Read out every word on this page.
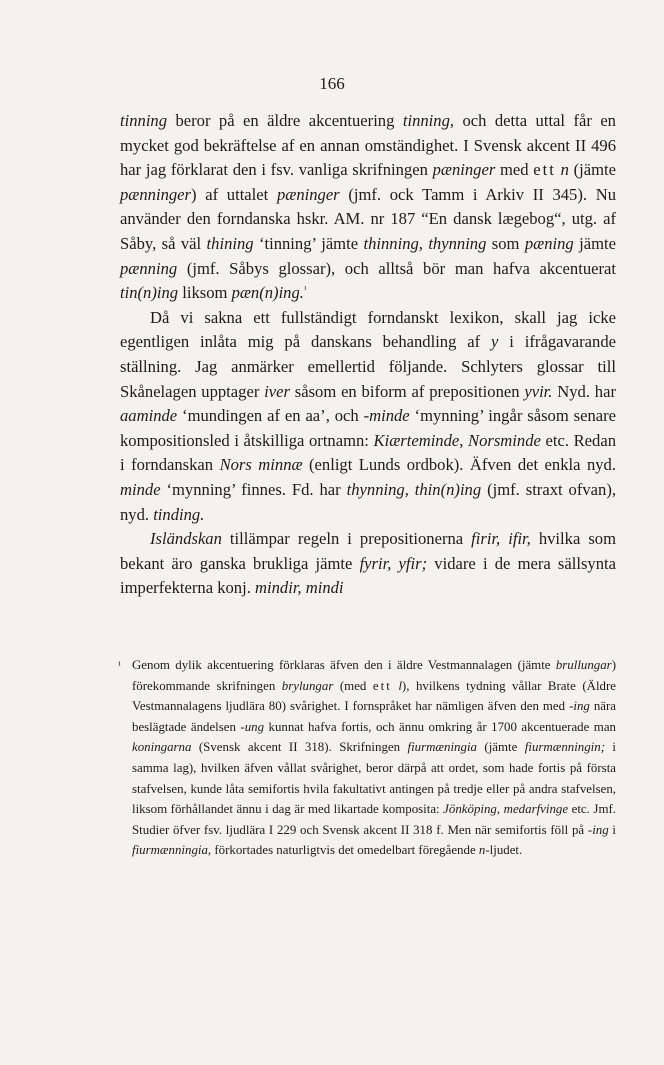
166

tinning beror på en äldre akcentuering tinning, och detta uttal får en mycket god bekräftelse af en annan omständighet. I Svensk akcent II 496 har jag förklarat den i fsv. vanliga skrifningen pæninger med ett n (jämte pænninger) af uttalet pæninger (jmf. ock Tamm i Arkiv II 345). Nu använder den forndanska hskr. AM. nr 187 “En dansk lægebog“, utg. af Såby, så väl thining ‘tinning’ jämte thinning, thynning som pæning jämte pænning (jmf. Såbys glossar), och alltså bör man hafva akcentuerat tin(n)ing liksom pæn(n)ing.$^{^1}$

Då vi sakna ett fullständigt forndanskt lexikon, skall jag icke egentligen inlåta mig på danskans behandling af y i ifrågavarande ställning. Jag anmärker emellertid följande. Schlyters glossar till Skånelagen upptager iver såsom en biform af prepositionen yvir. Nyd. har aaminde ‘mundingen af en aa’, och -minde ‘mynning’ ingår såsom senare kompositionsled i åtskilliga ortnamn: Kiærteminde, Norsminde etc. Redan i forndanskan Nors minnæ (enligt Lunds ordbok). Äfven det enkla nyd. minde ‘mynning’ finnes. Fd. har thynning, thin(n)ing (jmf. straxt ofvan), nyd. tinding.

Isländskan tillämpar regeln i prepositionerna firir, ifir, hvilka som bekant äro ganska brukliga jämte fyrir, yfir; vidare i de mera sällsynta imperfekterna konj. mindir, mindi

¹ Genom dylik akcentuering förklaras äfven den i äldre Vestmannalagen (jämte brullungar) förekommande skrifningen brylungar (med ett l), hvilkens tydning vållar Brate (Äldre Vestmannalagens ljudlära 80) svårighet. I fornspråket har nämligen äfven den med -ing nära beslägtade ändelsen -ung kunnat hafva fortis, och ännu omkring år 1700 akcentuerade man koningarna (Svensk akcent II 318). Skrifningen fiurmæningia (jämte fiurmænningin; i samma lag), hvilken äfven vållat svårighet, beror därpå att ordet, som hade fortis på första stafvelsen, kunde låta semifortis hvila fakultativt antingen på tredje eller på andra stafvelsen, liksom förhållandet ännu i dag är med likartade komposita: Jönköping, medarfvinge etc. Jmf. Studier öfver fsv. ljudlära I 229 och Svensk akcent II 318 f. Men när semifortis föll på -ing i fiurmænningia, förkortades naturligtvis det omedelbart föregående n-ljudet.
